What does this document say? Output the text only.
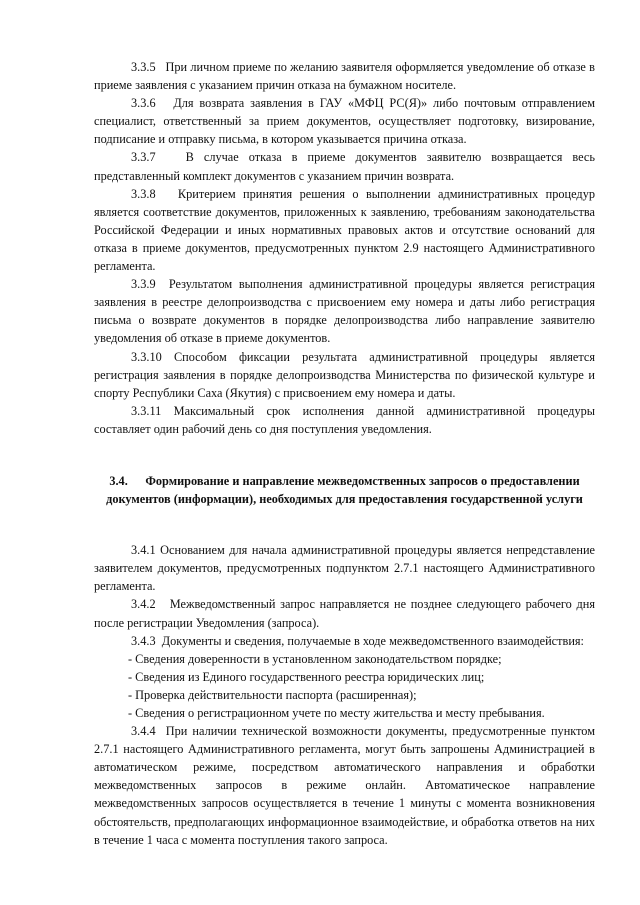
3.3.5   При личном приеме по желанию заявителя оформляется уведомление об отказе в приеме заявления с указанием причин отказа на бумажном носителе.

3.3.6   Для возврата заявления в ГАУ «МФЦ РС(Я)» либо почтовым отправлением специалист, ответственный за прием документов, осуществляет подготовку, визирование, подписание и отправку письма, в котором указывается причина отказа.

3.3.7   В случае отказа в приеме документов заявителю возвращается весь представленный комплект документов с указанием причин возврата.

3.3.8   Критерием принятия решения о выполнении административных процедур является соответствие документов, приложенных к заявлению, требованиям законодательства Российской Федерации и иных нормативных правовых актов и отсутствие оснований для отказа в приеме документов, предусмотренных пунктом 2.9 настоящего Административного регламента.

3.3.9  Результатом выполнения административной процедуры является регистрация заявления в реестре делопроизводства с присвоением ему номера и даты либо регистрация письма о возврате документов в порядке делопроизводства либо направление заявителю уведомления об отказе в приеме документов.

3.3.10 Способом фиксации результата административной процедуры является регистрация заявления в порядке делопроизводства Министерства по физической культуре и спорту Республики Саха (Якутия) с присвоением ему номера и даты.

3.3.11 Максимальный срок исполнения данной административной процедуры составляет один рабочий день со дня поступления уведомления.

3.4. Формирование и направление межведомственных запросов о предоставлении документов (информации), необходимых для предоставления государственной услуги

3.4.1 Основанием для начала административной процедуры является непредставление заявителем документов, предусмотренных подпунктом 2.7.1 настоящего Административного регламента.

3.4.2   Межведомственный запрос направляется не позднее следующего рабочего дня после регистрации Уведомления (запроса).

3.4.3  Документы и сведения, получаемые в ходе межведомственного взаимодействия:

- Сведения доверенности в установленном законодательством порядке;

- Сведения из Единого государственного реестра юридических лиц;

- Проверка действительности паспорта (расширенная);

- Сведения о регистрационном учете по месту жительства и месту пребывания.

3.4.4  При наличии технической возможности документы, предусмотренные пунктом 2.7.1 настоящего Административного регламента, могут быть запрошены Администрацией в автоматическом режиме, посредством автоматического направления и обработки межведомственных запросов в режиме онлайн. Автоматическое направление межведомственных запросов осуществляется в течение 1 минуты с момента возникновения обстоятельств, предполагающих информационное взаимодействие, и обработка ответов на них в течение 1 часа с момента поступления такого запроса.
